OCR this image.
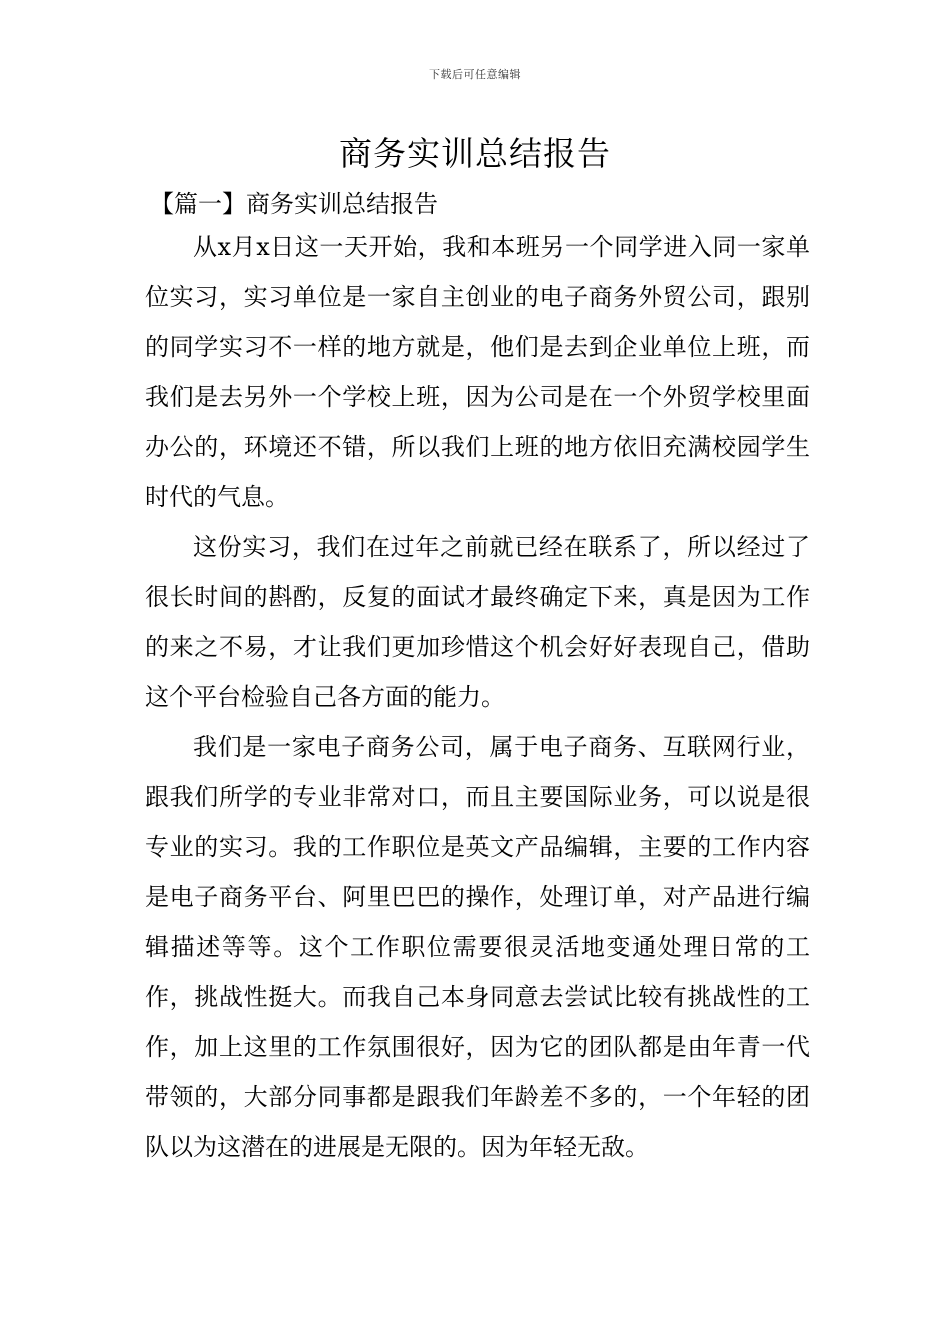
下载后可任意编辑
商务实训总结报告
【篇一】商务实训总结报告

从x月x日这一天开始，我和本班另一个同学进入同一家单位实习，实习单位是一家自主创业的电子商务外贸公司，跟别的同学实习不一样的地方就是，他们是去到企业单位上班，而我们是去另外一个学校上班，因为公司是在一个外贸学校里面办公的，环境还不错，所以我们上班的地方依旧充满校园学生时代的气息。

这份实习，我们在过年之前就已经在联系了，所以经过了很长时间的斟酌，反复的面试才最终确定下来，真是因为工作的来之不易，才让我们更加珍惜这个机会好好表现自己，借助这个平台检验自己各方面的能力。

我们是一家电子商务公司，属于电子商务、互联网行业，跟我们所学的专业非常对口，而且主要国际业务，可以说是很专业的实习。我的工作职位是英文产品编辑，主要的工作内容是电子商务平台、阿里巴巴的操作，处理订单，对产品进行编辑描述等等。这个工作职位需要很灵活地变通处理日常的工作，挑战性挺大。而我自己本身同意去尝试比较有挑战性的工作，加上这里的工作氛围很好，因为它的团队都是由年青一代带领的，大部分同事都是跟我们年龄差不多的，一个年轻的团队以为这潜在的进展是无限的。因为年轻无敌。
